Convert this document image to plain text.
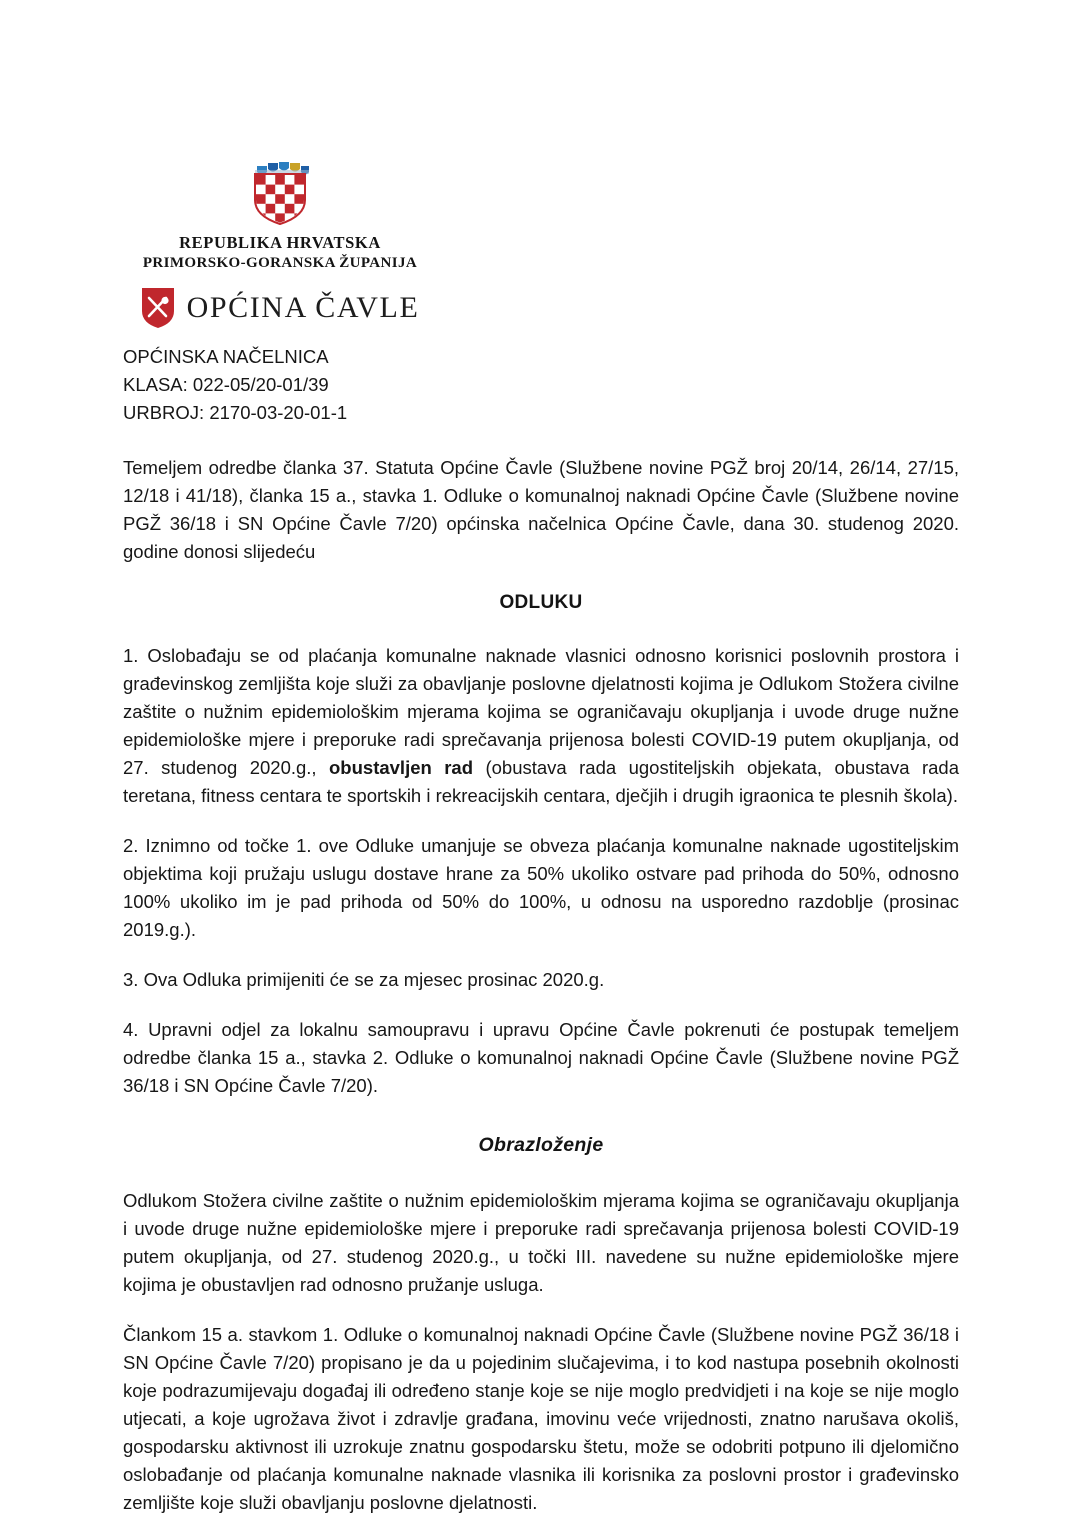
REPUBLIKA HRVATSKA
PRIMORSKO-GORANSKA ŽUPANIJA
OPĆINA ČAVLE
OPĆINSKA NAČELNICA
KLASA: 022-05/20-01/39
URBROJ: 2170-03-20-01-1

Temeljem odredbe članka 37. Statuta Općine Čavle (Službene novine PGŽ broj 20/14, 26/14, 27/15, 12/18 i 41/18), članka 15 a., stavka 1. Odluke o komunalnoj naknadi Općine Čavle (Službene novine PGŽ 36/18 i SN Općine Čavle 7/20) općinska načelnica Općine Čavle, dana 30. studenog 2020. godine donosi slijedeću

ODLUKU

1. Oslobađaju se od plaćanja komunalne naknade vlasnici odnosno korisnici poslovnih prostora i građevinskog zemljišta koje služi za obavljanje poslovne djelatnosti kojima je Odlukom Stožera civilne zaštite o nužnim epidemiološkim mjerama kojima se ograničavaju okupljanja i uvode druge nužne epidemiološke mjere i preporuke radi sprečavanja prijenosa bolesti COVID-19 putem okupljanja, od 27. studenog 2020.g., obustavljen rad (obustava rada ugostiteljskih objekata, obustava rada teretana, fitness centara te sportskih i rekreacijskih centara, dječjih i drugih igraonica te plesnih škola).

2. Iznimno od točke 1. ove Odluke umanjuje se obveza plaćanja komunalne naknade ugostiteljskim objektima koji pružaju uslugu dostave hrane za 50% ukoliko ostvare pad prihoda do 50%, odnosno 100% ukoliko im je pad prihoda od 50% do 100%, u odnosu na usporedno razdoblje (prosinac 2019.g.).

3. Ova Odluka primijeniti će se za mjesec prosinac 2020.g.

4. Upravni odjel za lokalnu samoupravu i upravu Općine Čavle pokrenuti će postupak temeljem odredbe članka 15 a., stavka 2. Odluke o komunalnoj naknadi Općine Čavle (Službene novine PGŽ 36/18 i SN Općine Čavle 7/20).

Obrazloženje

Odlukom Stožera civilne zaštite o nužnim epidemiološkim mjerama kojima se ograničavaju okupljanja i uvode druge nužne epidemiološke mjere i preporuke radi sprečavanja prijenosa bolesti COVID-19 putem okupljanja, od 27. studenog 2020.g., u točki III. navedene su nužne epidemiološke mjere kojima je obustavljen rad odnosno pružanje usluga.

Člankom 15 a. stavkom 1. Odluke o komunalnoj naknadi Općine Čavle (Službene novine PGŽ 36/18 i SN Općine Čavle 7/20) propisano je da u pojedinim slučajevima, i to kod nastupa posebnih okolnosti koje podrazumijevaju događaj ili određeno stanje koje se nije moglo predvidjeti i na koje se nije moglo utjecati, a koje ugrožava život i zdravlje građana, imovinu veće vrijednosti, znatno narušava okoliš, gospodarsku aktivnost ili uzrokuje znatnu gospodarsku štetu, može se odobriti potpuno ili djelomično oslobađanje od plaćanja komunalne naknade vlasnika ili korisnika za poslovni prostor i građevinsko zemljište koje služi obavljanju poslovne djelatnosti.
